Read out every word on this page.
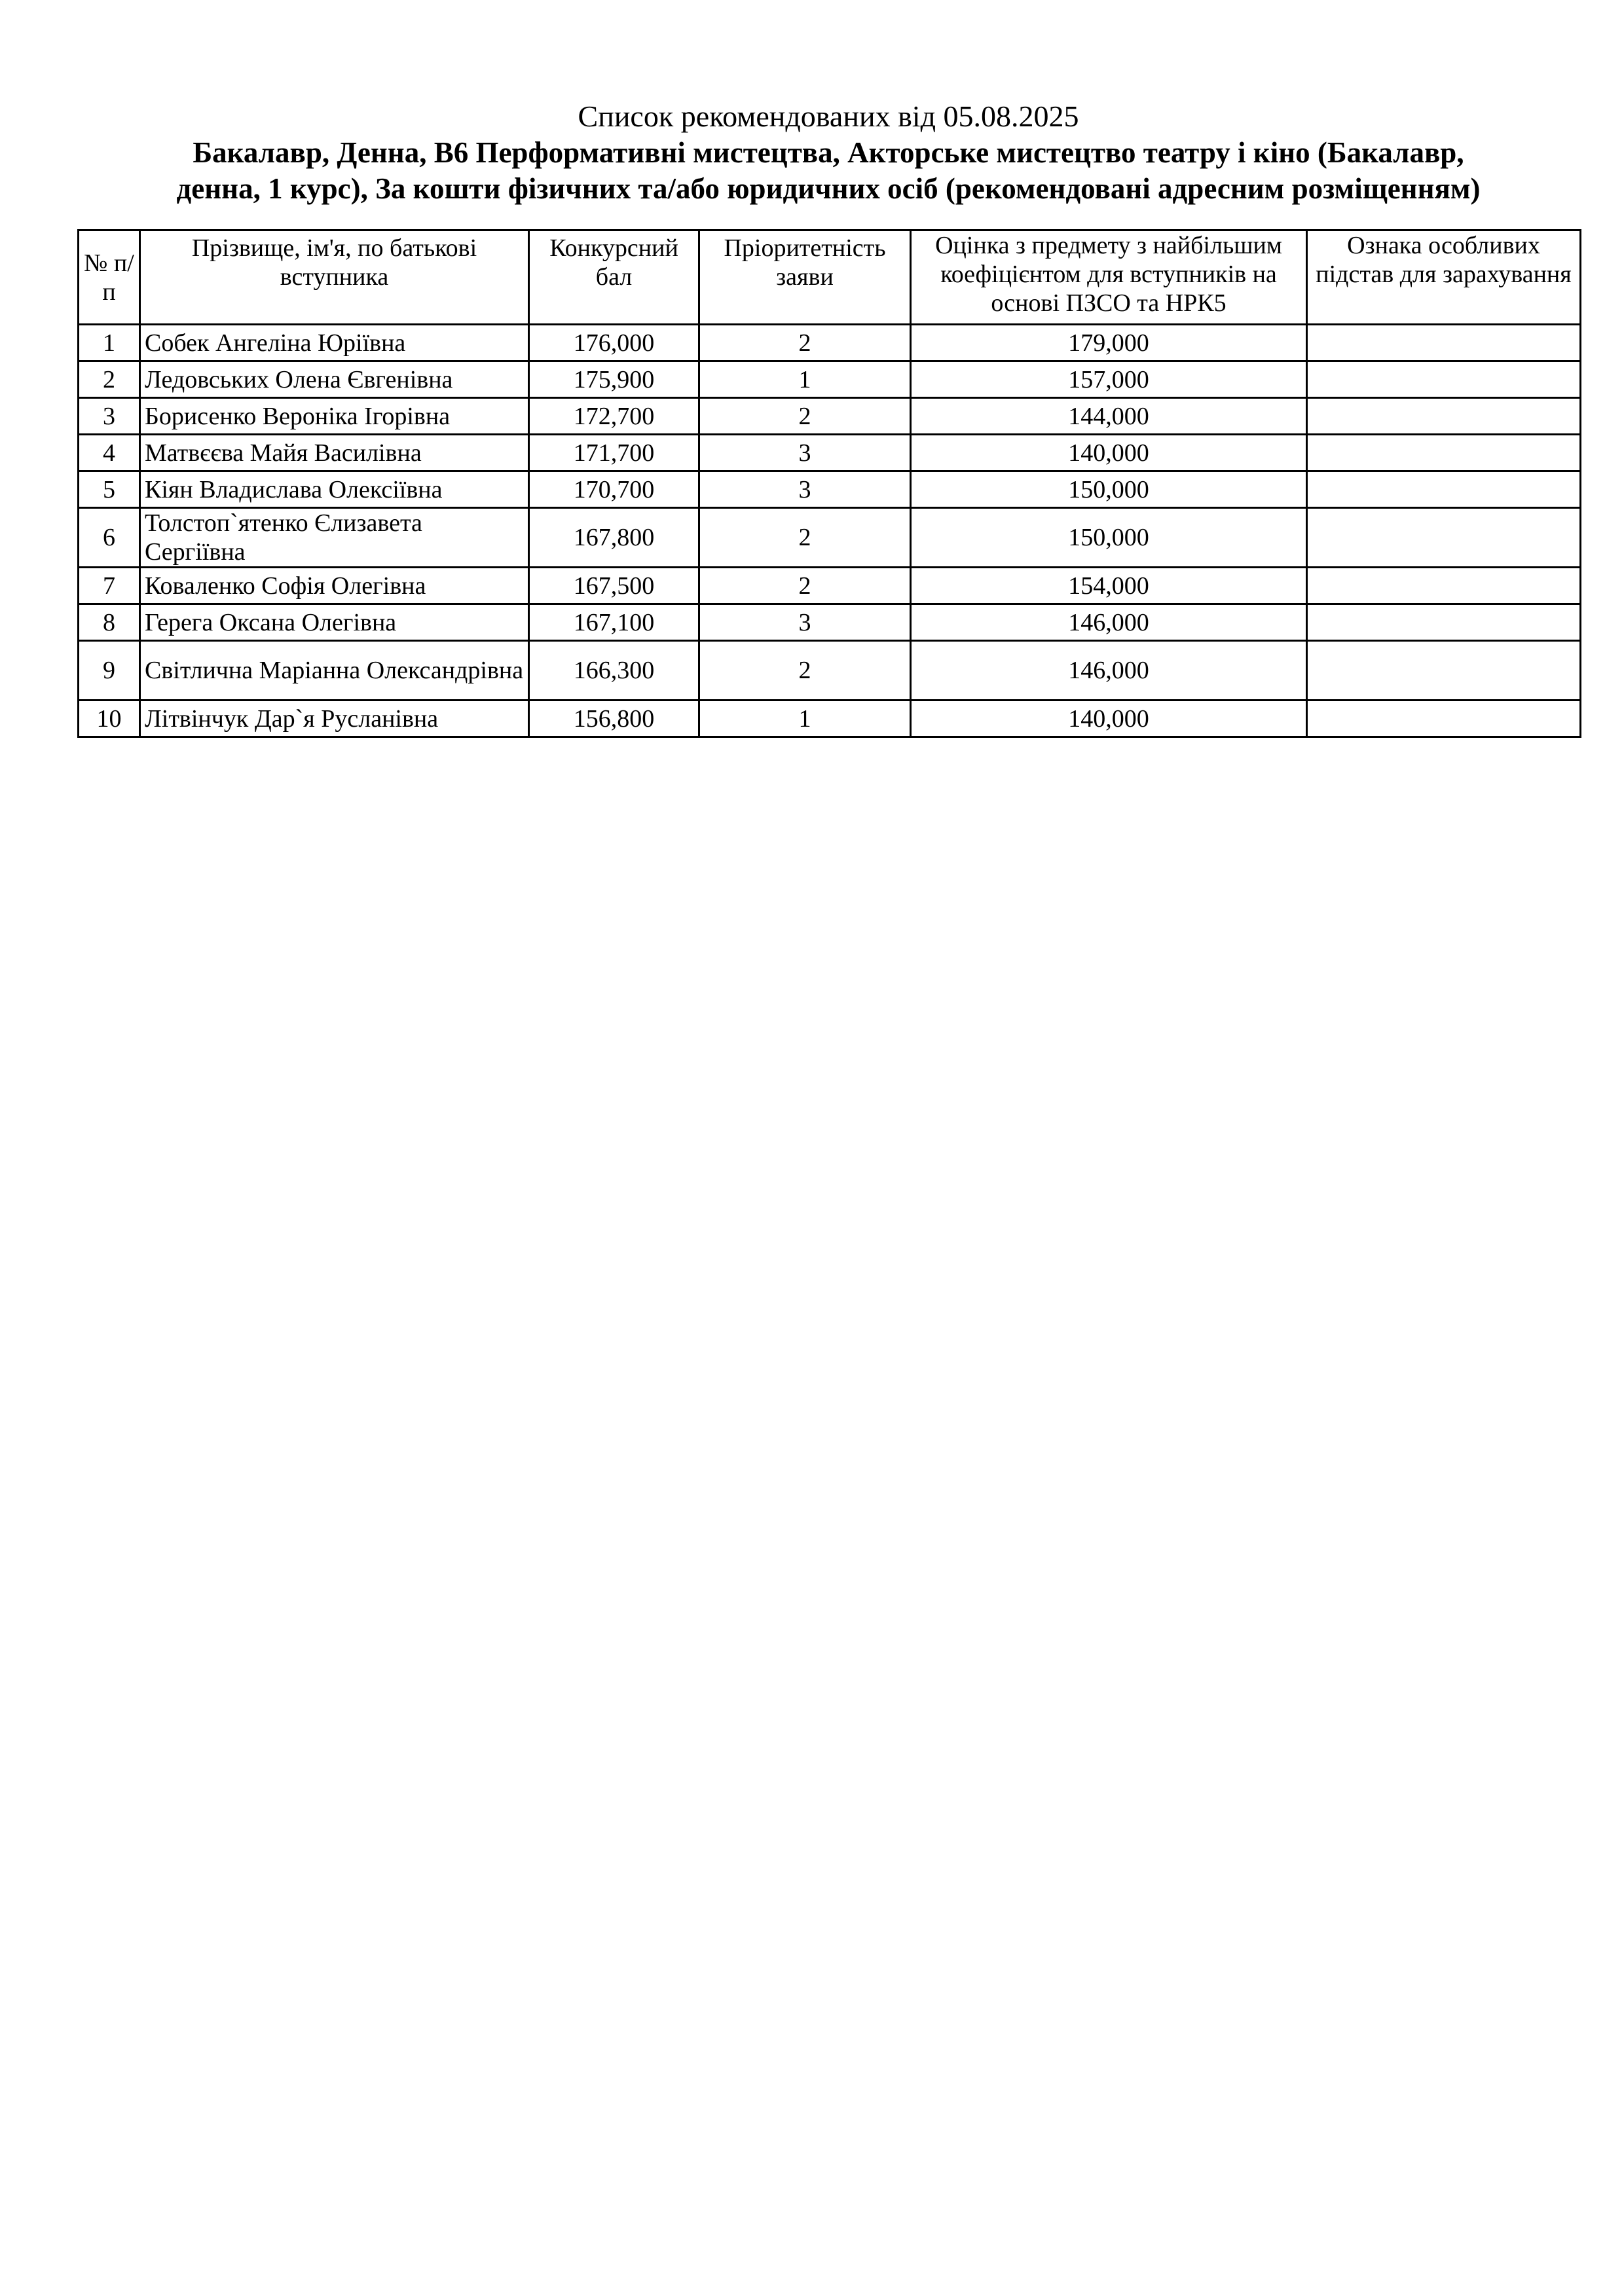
Список рекомендованих від 05.08.2025
Бакалавр, Денна, В6 Перформативні мистецтва, Акторське мистецтво театру і кіно (Бакалавр,
денна, 1 курс), За кошти фізичних та/або юридичних осіб (рекомендовані адресним розміщенням)
№ п/п	Прізвище, ім'я, по батькові вступника	Конкурсний бал	Пріоритетність заяви	Оцінка з предмету з найбільшим коефіцієнтом для вступників на основі ПЗСО та НРК5	Ознака особливих підстав для зарахування
1	Собек Ангеліна Юріївна	176,000	2	179,000	
2	Ледовських Олена Євгенівна	175,900	1	157,000	
3	Борисенко Вероніка Ігорівна	172,700	2	144,000	
4	Матвєєва Майя Василівна	171,700	3	140,000	
5	Кіян Владислава Олексіївна	170,700	3	150,000	
6	Толстоп`ятенко Єлизавета Сергіївна	167,800	2	150,000	
7	Коваленко Софія Олегівна	167,500	2	154,000	
8	Герега Оксана Олегівна	167,100	3	146,000	
9	Світлична Маріанна Олександрівна	166,300	2	146,000	
10	Літвінчук Дар`я Русланівна	156,800	1	140,000	
